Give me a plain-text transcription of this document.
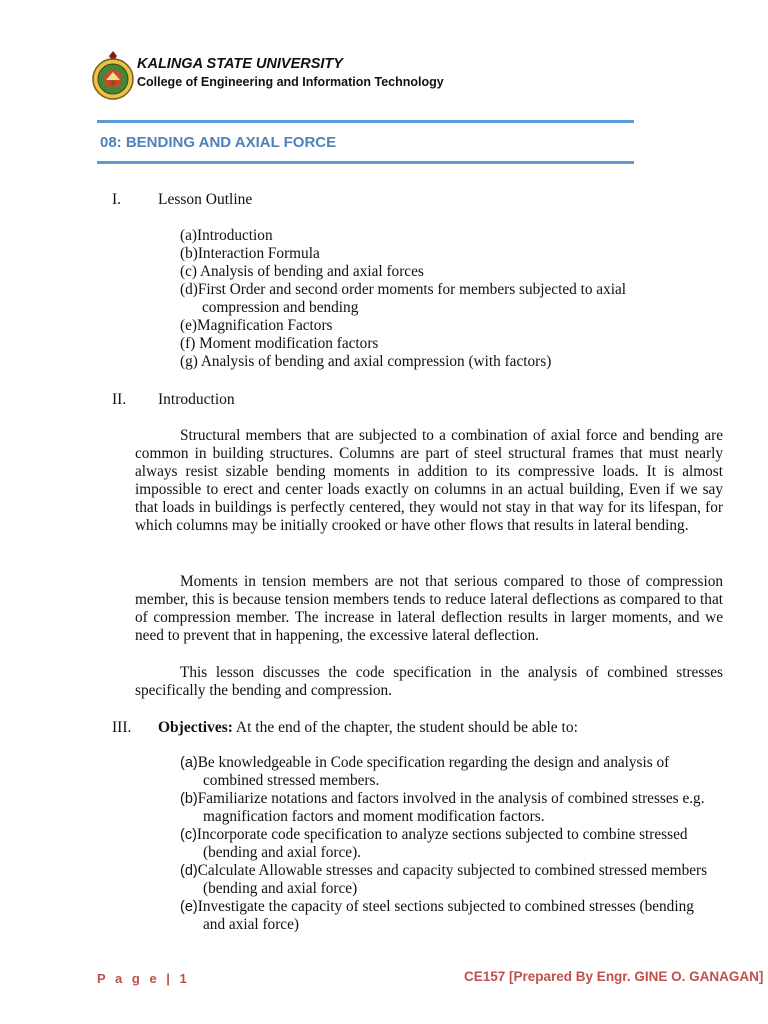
KALINGA STATE UNIVERSITY
College of Engineering and Information Technology
08: BENDING AND AXIAL FORCE
I. Lesson Outline
(a)Introduction
(b)Interaction Formula
(c) Analysis of bending and axial forces
(d)First Order and second order moments for members subjected to axial compression and bending
(e)Magnification Factors
(f) Moment modification factors
(g) Analysis of bending and axial compression (with factors)
II. Introduction

Structural members that are subjected to a combination of axial force and bending are common in building structures. Columns are part of steel structural frames that must nearly always resist sizable bending moments in addition to its compressive loads. It is almost impossible to erect and center loads exactly on columns in an actual building, Even if we say that loads in buildings is perfectly centered, they would not stay in that way for its lifespan, for which columns may be initially crooked or have other flows that results in lateral bending.

Moments in tension members are not that serious compared to those of compression member, this is because tension members tends to reduce lateral deflections as compared to that of compression member. The increase in lateral deflection results in larger moments, and we need to prevent that in happening, the excessive lateral deflection.

This lesson discusses the code specification in the analysis of combined stresses specifically the bending and compression.

III. Objectives: At the end of the chapter, the student should be able to:
(a)Be knowledgeable in Code specification regarding the design and analysis of combined stressed members.
(b)Familiarize notations and factors involved in the analysis of combined stresses e.g. magnification factors and moment modification factors.
(c)Incorporate code specification to analyze sections subjected to combine stressed (bending and axial force).
(d)Calculate Allowable stresses and capacity subjected to combined stressed members (bending and axial force)
(e)Investigate the capacity of steel sections subjected to combined stresses (bending and axial force)
P a g e | 1	CE157 [Prepared By Engr. GINE O. GANAGAN]
